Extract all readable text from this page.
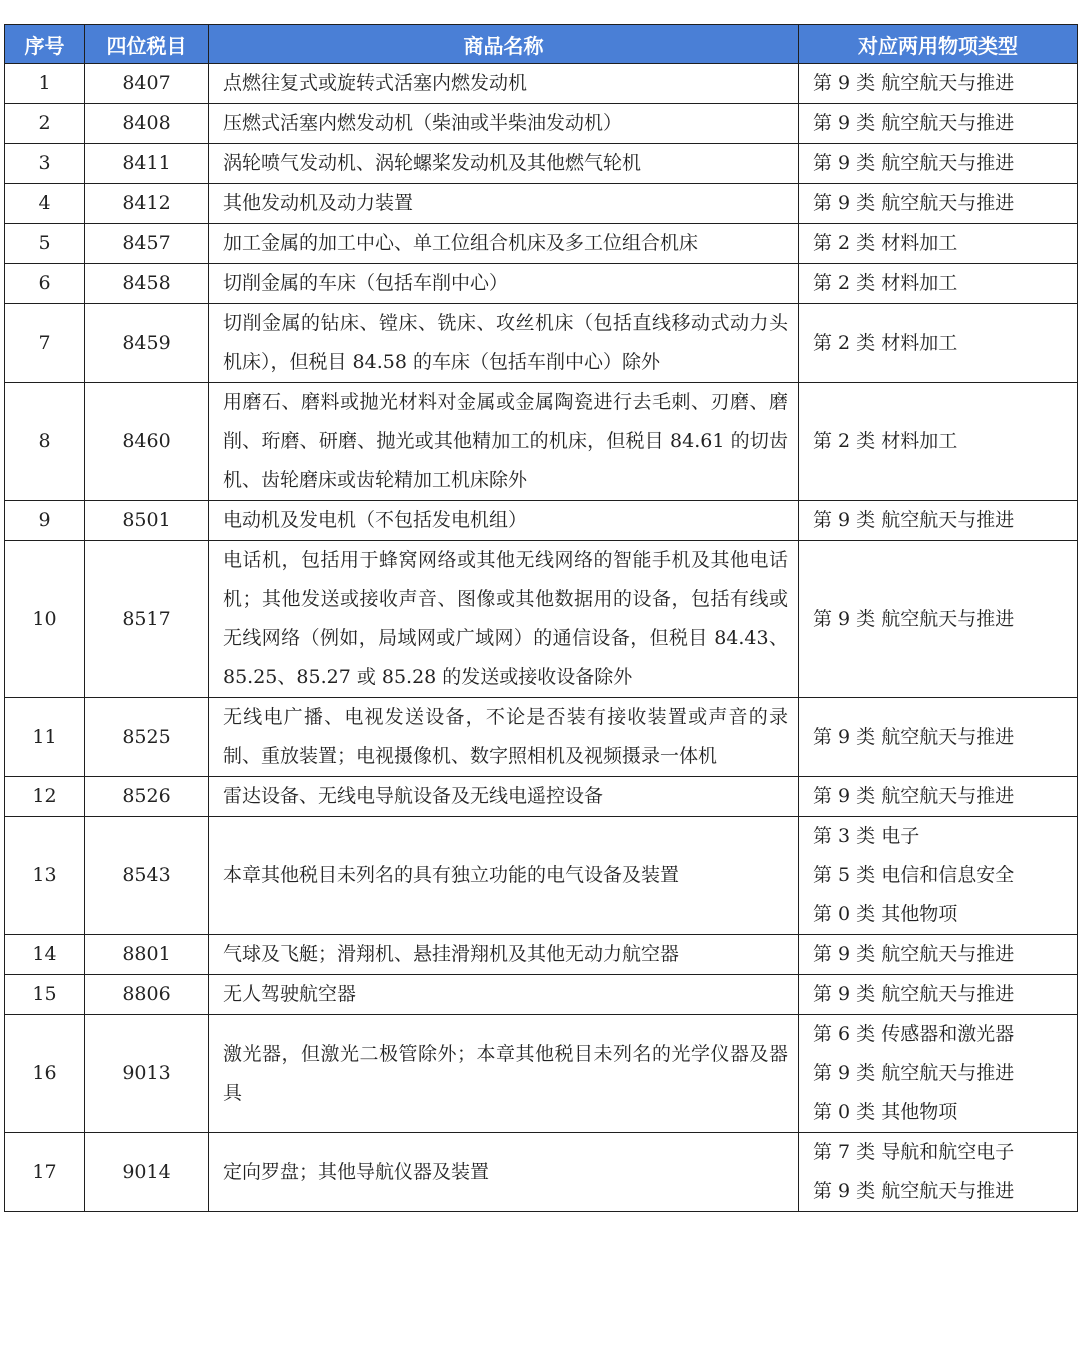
序号	四位税目	商品名称	对应两用物项类型
1	8407	点燃往复式或旋转式活塞内燃发动机	第 9 类 航空航天与推进

2	8408	压燃式活塞内燃发动机（柴油或半柴油发动机）	第 9 类 航空航天与推进

3	8411	涡轮喷气发动机、涡轮螺桨发动机及其他燃气轮机	第 9 类 航空航天与推进

4	8412	其他发动机及动力装置	第 9 类 航空航天与推进

5	8457	加工金属的加工中心、单工位组合机床及多工位组合机床	第 2 类 材料加工

6	8458	切削金属的车床（包括车削中心）	第 2 类 材料加工

7	8459	切削金属的钻床、镗床、铣床、攻丝机床（包括直线移动式动力头机床），但税目 84.58 的车床（包括车削中心）除外	第 2 类 材料加工

8	8460	用磨石、磨料或抛光材料对金属或金属陶瓷进行去毛刺、刃磨、磨削、珩磨、研磨、抛光或其他精加工的机床，但税目 84.61 的切齿机、齿轮磨床或齿轮精加工机床除外	第 2 类 材料加工

9	8501	电动机及发电机（不包括发电机组）	第 9 类 航空航天与推进

10	8517	电话机，包括用于蜂窝网络或其他无线网络的智能手机及其他电话机；其他发送或接收声音、图像或其他数据用的设备，包括有线或无线网络（例如，局域网或广域网）的通信设备，但税目 84.43、85.25、85.27 或 85.28 的发送或接收设备除外	第 9 类 航空航天与推进

11	8525	无线电广播、电视发送设备，不论是否装有接收装置或声音的录制、重放装置；电视摄像机、数字照相机及视频摄录一体机	第 9 类 航空航天与推进

12	8526	雷达设备、无线电导航设备及无线电遥控设备	第 9 类 航空航天与推进

13	8543	本章其他税目未列名的具有独立功能的电气设备及装置	第 3 类 电子
第 5 类 电信和信息安全
第 0 类 其他物项

14	8801	气球及飞艇；滑翔机、悬挂滑翔机及其他无动力航空器	第 9 类 航空航天与推进

15	8806	无人驾驶航空器	第 9 类 航空航天与推进

16	9013	激光器，但激光二极管除外；本章其他税目未列名的光学仪器及器具	第 6 类 传感器和激光器
第 9 类 航空航天与推进
第 0 类 其他物项

17	9014	定向罗盘；其他导航仪器及装置	第 7 类 导航和航空电子
第 9 类 航空航天与推进
